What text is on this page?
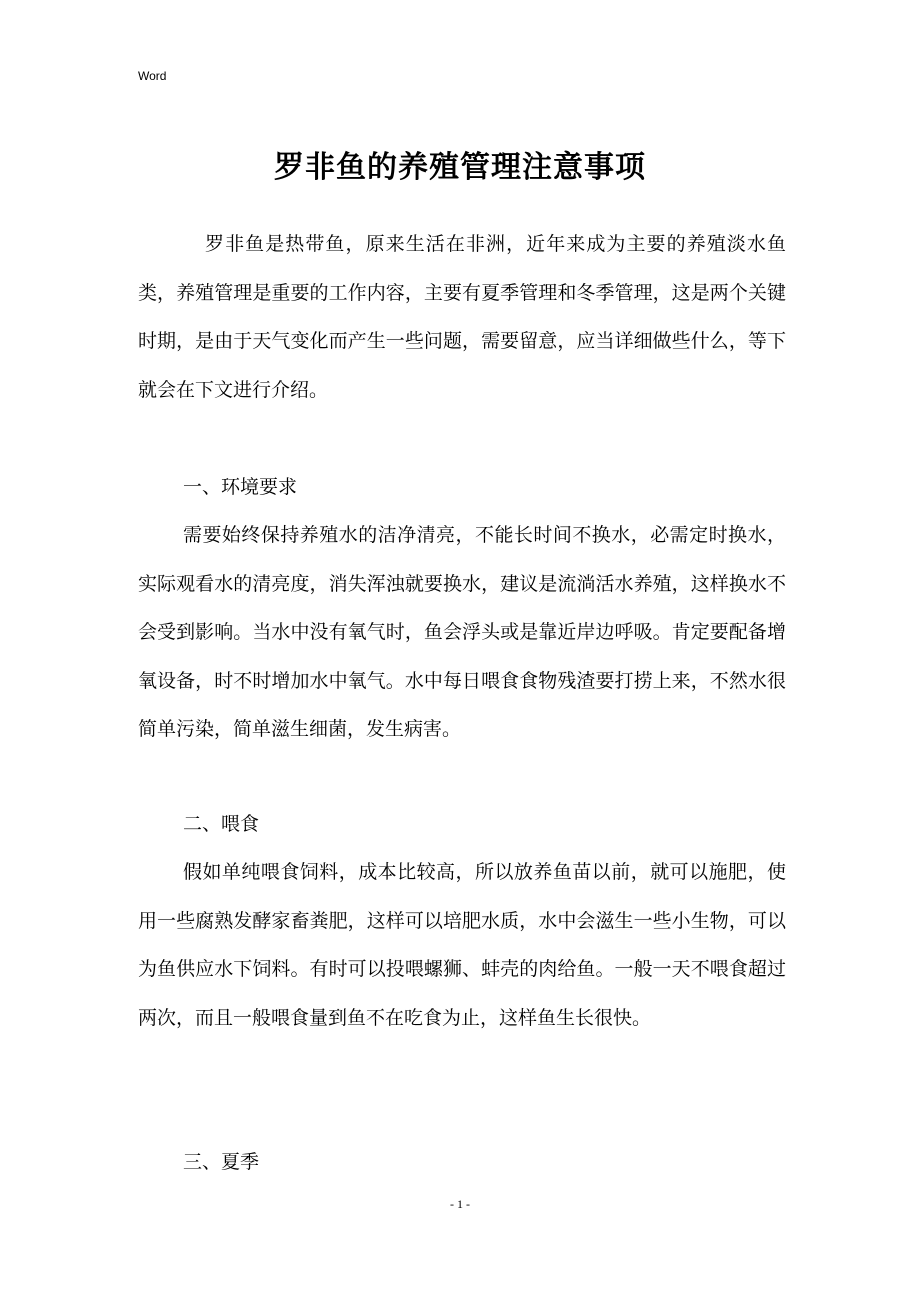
Word
罗非鱼的养殖管理注意事项

罗非鱼是热带鱼，原来生活在非洲，近年来成为主要的养殖淡水鱼类，养殖管理是重要的工作内容，主要有夏季管理和冬季管理，这是两个关键时期，是由于天气变化而产生一些问题，需要留意，应当详细做些什么，等下就会在下文进行介绍。

一、环境要求

需要始终保持养殖水的洁净清亮，不能长时间不换水，必需定时换水，实际观看水的清亮度，消失浑浊就要换水，建议是流淌活水养殖，这样换水不会受到影响。当水中没有氧气时，鱼会浮头或是靠近岸边呼吸。肯定要配备增氧设备，时不时增加水中氧气。水中每日喂食食物残渣要打捞上来，不然水很简单污染，简单滋生细菌，发生病害。

二、喂食

假如单纯喂食饲料，成本比较高，所以放养鱼苗以前，就可以施肥，使用一些腐熟发酵家畜粪肥，这样可以培肥水质，水中会滋生一些小生物，可以为鱼供应水下饲料。有时可以投喂螺狮、蚌壳的肉给鱼。一般一天不喂食超过两次，而且一般喂食量到鱼不在吃食为止，这样鱼生长很快。

三、夏季

- 1 -
